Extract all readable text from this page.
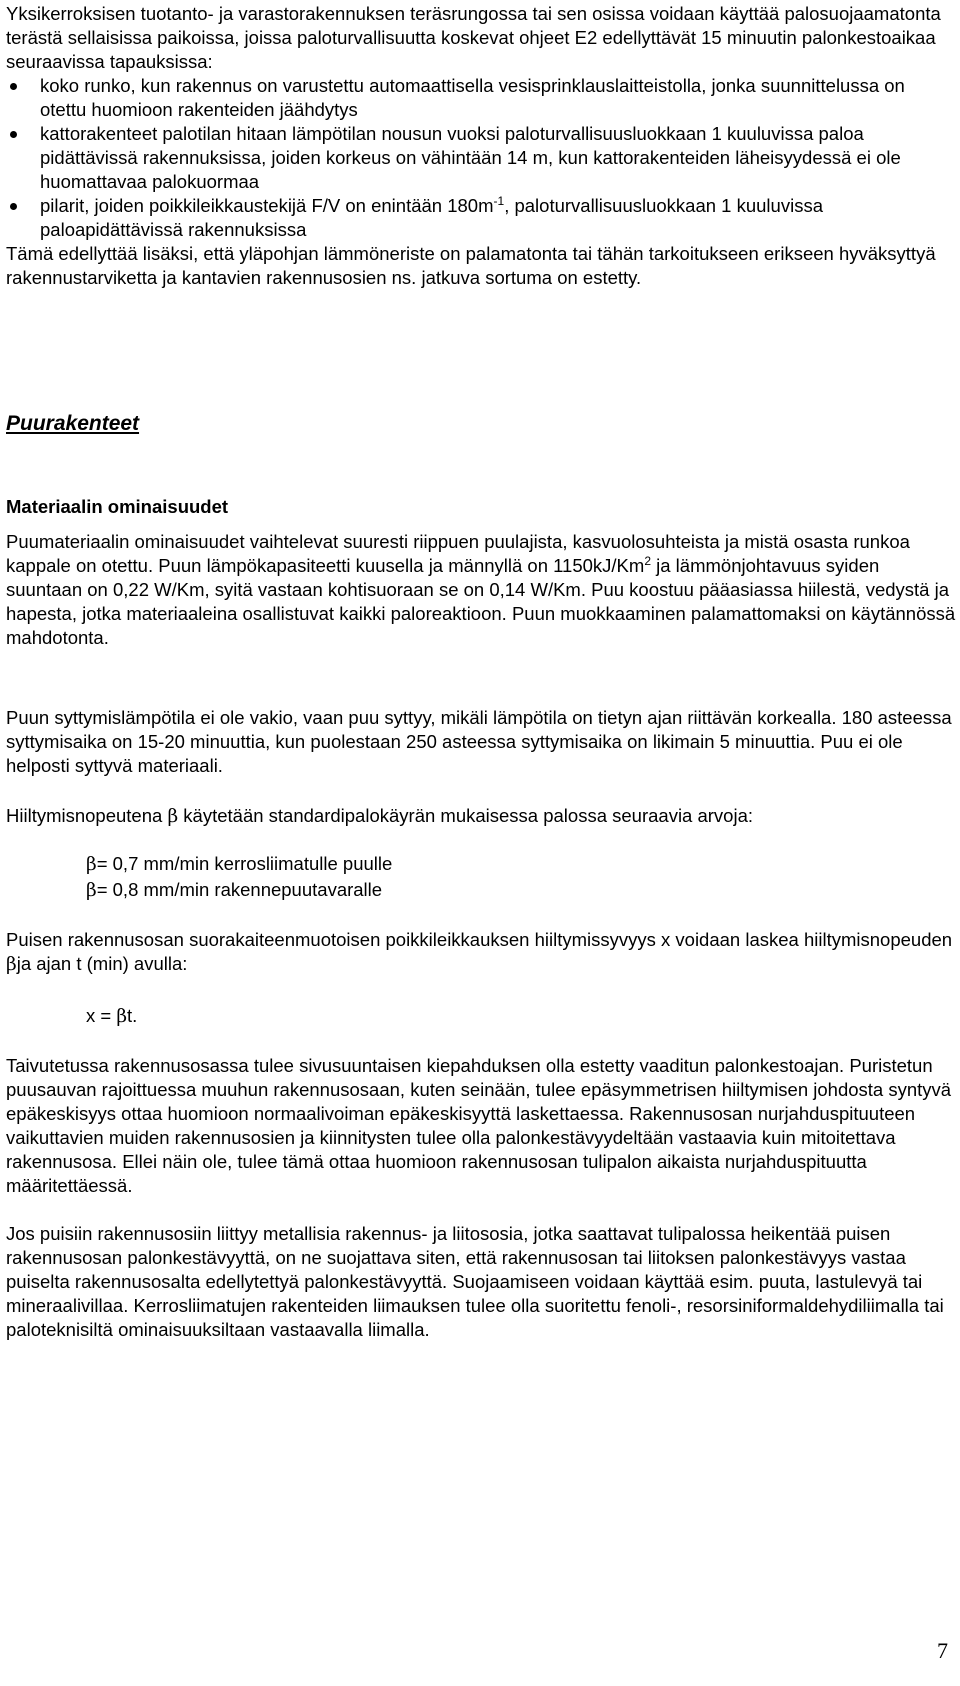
Yksikerroksisen tuotanto- ja varastorakennuksen teräsrungossa tai sen osissa voidaan käyttää palosuojaamatonta terästä sellaisissa paikoissa, joissa paloturvallisuutta koskevat ohjeet E2 edellyttävät 15 minuutin palonkestoaikaa seuraavissa tapauksissa:

koko runko, kun rakennus on varustettu automaattisella vesisprinklauslaitteistolla, jonka suunnittelussa on otettu huomioon rakenteiden jäähdytys
kattorakenteet palotilan hitaan lämpötilan nousun vuoksi paloturvallisuusluokkaan 1 kuuluvissa paloa pidättävissä rakennuksissa, joiden korkeus on vähintään 14 m, kun kattorakenteiden läheisyydessä ei ole huomattavaa palokuormaa
pilarit, joiden poikkileikkaustekijä F/V on enintään $180m^{-1}$, paloturvallisuusluokkaan 1 kuuluvissa paloapidättävissä rakennuksissa

Tämä edellyttää lisäksi, että yläpohjan lämmöneriste on palamatonta tai tähän tarkoitukseen erikseen hyväksyttyä rakennustarviketta ja kantavien rakennusosien ns. jatkuva sortuma on estetty.

Puurakenteet
Materiaalin ominaisuudet

Puumateriaalin ominaisuudet vaihtelevat suuresti riippuen puulajista, kasvuolosuhteista ja mistä osasta runkoa kappale on otettu. Puun lämpökapasiteetti kuusella ja männyllä on 1150kJ/Km$^2$ ja lämmönjohtavuus syiden suuntaan on 0,22 W/Km, syitä vastaan kohtisuoraan se on 0,14 W/Km. Puu koostuu pääasiassa hiilestä, vedystä ja hapesta, jotka materiaaleina osallistuvat kaikki paloreaktioon. Puun muokkaaminen palamattomaksi on käytännössä mahdotonta.

Puun syttymislämpötila ei ole vakio, vaan puu syttyy, mikäli lämpötila on tietyn ajan riittävän korkealla. 180 asteessa syttymisaika on 15-20 minuuttia, kun puolestaan 250 asteessa syttymisaika on likimain 5 minuuttia. Puu ei ole helposti syttyvä materiaali.

Hiiltymisnopeutena β käytetään standardipalokäyrän mukaisessa palossa seuraavia arvoja:

β= 0,7 mm/min kerrosliimatulle puulle
β= 0,8 mm/min rakennepuutavaralle

Puisen rakennusosan suorakaiteenmuotoisen poikkileikkauksen hiiltymissyvyys x voidaan laskea hiiltymisnopeuden βja ajan t (min) avulla:

x = βt.

Taivutetussa rakennusosassa tulee sivusuuntaisen kiepahduksen olla estetty vaaditun palonkestoajan. Puristetun puusauvan rajoittuessa muuhun rakennusosaan, kuten seinään, tulee epäsymmetrisen hiiltymisen johdosta syntyvä epäkeskisyys ottaa huomioon normaalivoiman epäkeskisyyttä laskettaessa. Rakennusosan nurjahduspituuteen vaikuttavien muiden rakennusosien ja kiinnitysten tulee olla palonkestävyydeltään vastaavia kuin mitoitettava rakennusosa. Ellei näin ole, tulee tämä ottaa huomioon rakennusosan tulipalon aikaista nurjahduspituutta määritettäessä.

Jos puisiin rakennusosiin liittyy metallisia rakennus- ja liitososia, jotka saattavat tulipalossa heikentää puisen rakennusosan palonkestävyyttä, on ne suojattava siten, että rakennusosan tai liitoksen palonkestävyys vastaa puiselta rakennusosalta edellytettyä palonkestävyyttä. Suojaamiseen voidaan käyttää esim. puuta, lastulevyä tai mineraalivillaa. Kerrosliimatujen rakenteiden liimauksen tulee olla suoritettu fenoli-, resorsiniformaldehydiliimalla tai paloteknisiltä ominaisuuksiltaan vastaavalla liimalla.

7
